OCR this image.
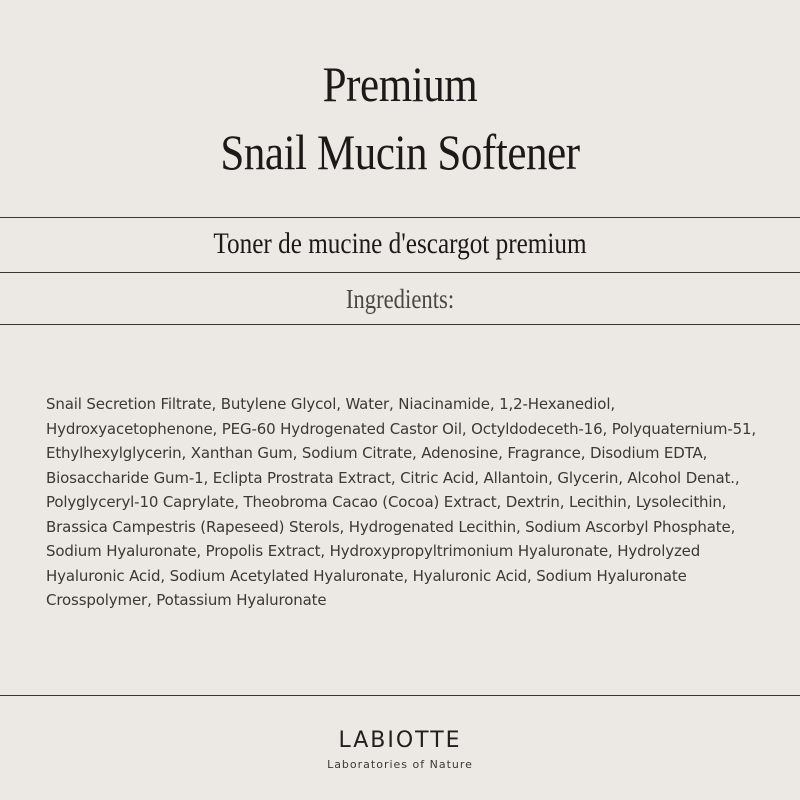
Premium
Snail Mucin Softener
Toner de mucine d'escargot premium
Ingredients:
Snail Secretion Filtrate, Butylene Glycol, Water, Niacinamide, 1,2-Hexanediol,
Hydroxyacetophenone, PEG-60 Hydrogenated Castor Oil, Octyldodeceth-16, Polyquaternium-51,
Ethylhexylglycerin, Xanthan Gum, Sodium Citrate, Adenosine, Fragrance, Disodium EDTA,
Biosaccharide Gum-1, Eclipta Prostrata Extract, Citric Acid, Allantoin, Glycerin, Alcohol Denat.,
Polyglyceryl-10 Caprylate, Theobroma Cacao (Cocoa) Extract, Dextrin, Lecithin, Lysolecithin,
Brassica Campestris (Rapeseed) Sterols, Hydrogenated Lecithin, Sodium Ascorbyl Phosphate,
Sodium Hyaluronate, Propolis Extract, Hydroxypropyltrimonium Hyaluronate, Hydrolyzed
Hyaluronic Acid, Sodium Acetylated Hyaluronate, Hyaluronic Acid, Sodium Hyaluronate
Crosspolymer, Potassium Hyaluronate
LABIOTTE
Laboratories of Nature
